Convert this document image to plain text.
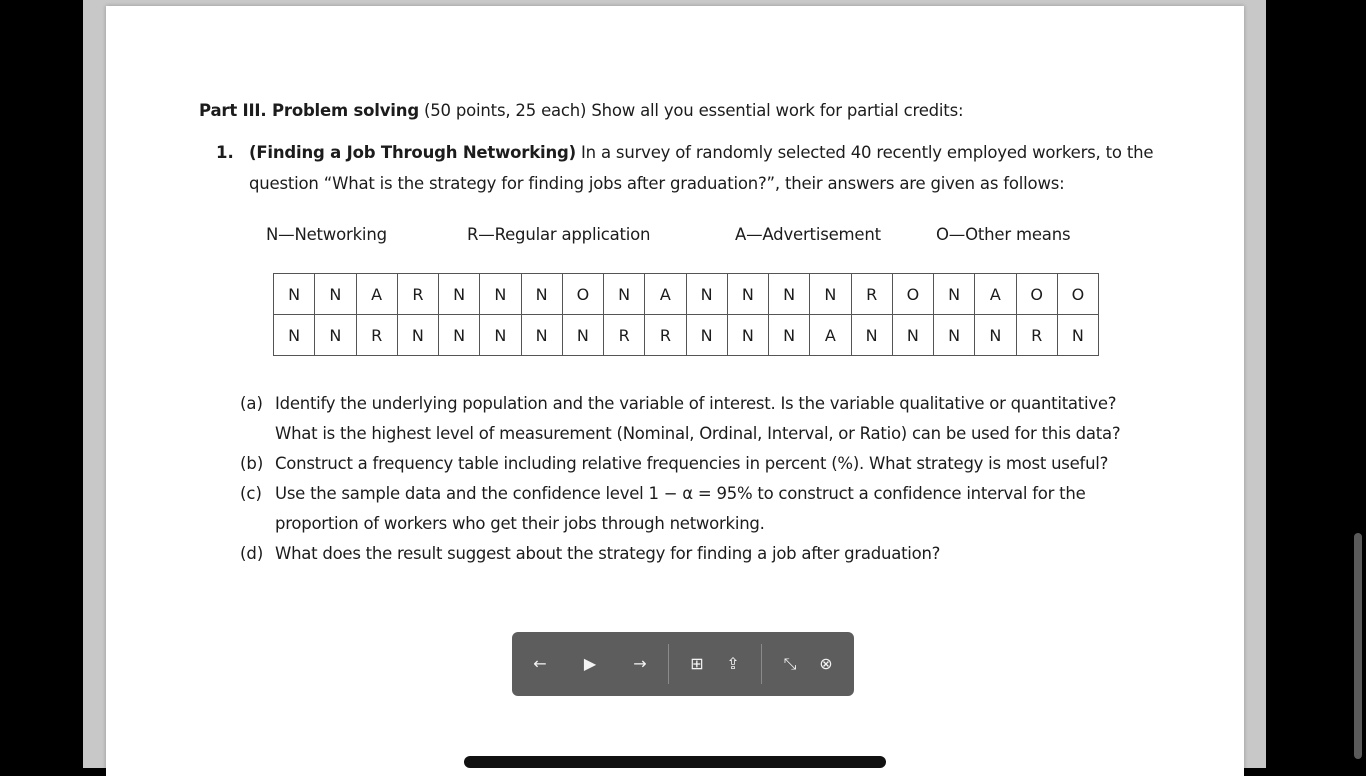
Part III. Problem solving (50 points, 25 each) Show all you essential work for partial credits:
1. (Finding a Job Through Networking) In a survey of randomly selected 40 recently employed workers, to the
question “What is the strategy for finding jobs after graduation?”, their answers are given as follows:
N—Networking	R—Regular application	A—Advertisement	O—Other means
N	N	A	R	N	N	N	O	N	A	N	N	N	N	R	O	N	A	O	O
N	N	R	N	N	N	N	N	R	R	N	N	N	A	N	N	N	N	R	N
(a) Identify the underlying population and the variable of interest. Is the variable qualitative or quantitative?
What is the highest level of measurement (Nominal, Ordinal, Interval, or Ratio) can be used for this data?
(b) Construct a frequency table including relative frequencies in percent (%). What strategy is most useful?
(c) Use the sample data and the confidence level 1 − α = 95% to construct a confidence interval for the
proportion of workers who get their jobs through networking.
(d) What does the result suggest about the strategy for finding a job after graduation?
←	▶	→	⊞	⇪	⤡	⊗
